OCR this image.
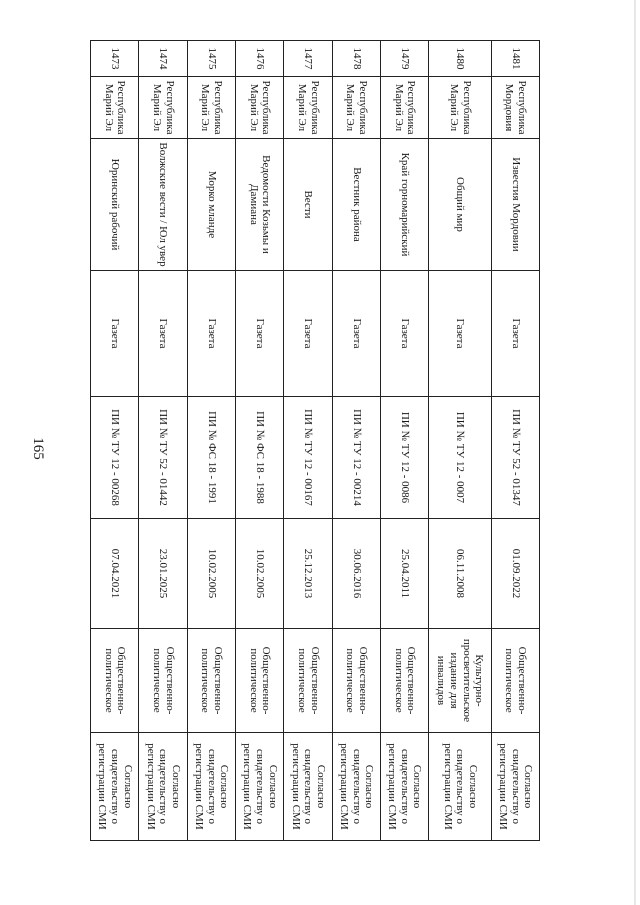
165
1481	Республика Мордовия	Известия Мордовии	Газета	ПИ № ТУ 52 - 01347	01.09.2022	Общественно-политическое	Согласно свидетельству о регистрации СМИ
1480	Республика Марий Эл	Общий мир	Газета	ПИ № ТУ 12 - 0007	06.11.2008	Культурно-просветительское издание для инвалидов	Согласно свидетельству о регистрации СМИ
1479	Республика Марий Эл	Край горномарийский	Газета	ПИ № ТУ 12 - 0086	25.04.2011	Общественно-политическое	Согласно свидетельству о регистрации СМИ
1478	Республика Марий Эл	Вестник района	Газета	ПИ № ТУ 12 - 00214	30.06.2016	Общественно-политическое	Согласно свидетельству о регистрации СМИ
1477	Республика Марий Эл	Вести	Газета	ПИ № ТУ 12 - 00167	25.12.2013	Общественно-политическое	Согласно свидетельству о регистрации СМИ
1476	Республика Марий Эл	Ведомости Козьмы и Дамиана	Газета	ПИ № ФС 18 - 1988	10.02.2005	Общественно-политическое	Согласно свидетельству о регистрации СМИ
1475	Республика Марий Эл	Морко мланде	Газета	ПИ № ФС 18 - 1991	10.02.2005	Общественно-политическое	Согласно свидетельству о регистрации СМИ
1474	Республика Марий Эл	Волжские вести / Юл увер	Газета	ПИ № ТУ 52 - 01442	23.01.2025	Общественно-политическое	Согласно свидетельству о регистрации СМИ
1473	Республика Марий Эл	Юринский рабочий	Газета	ПИ № ТУ 12 - 00268	07.04.2021	Общественно-политическое	Согласно свидетельству о регистрации СМИ
